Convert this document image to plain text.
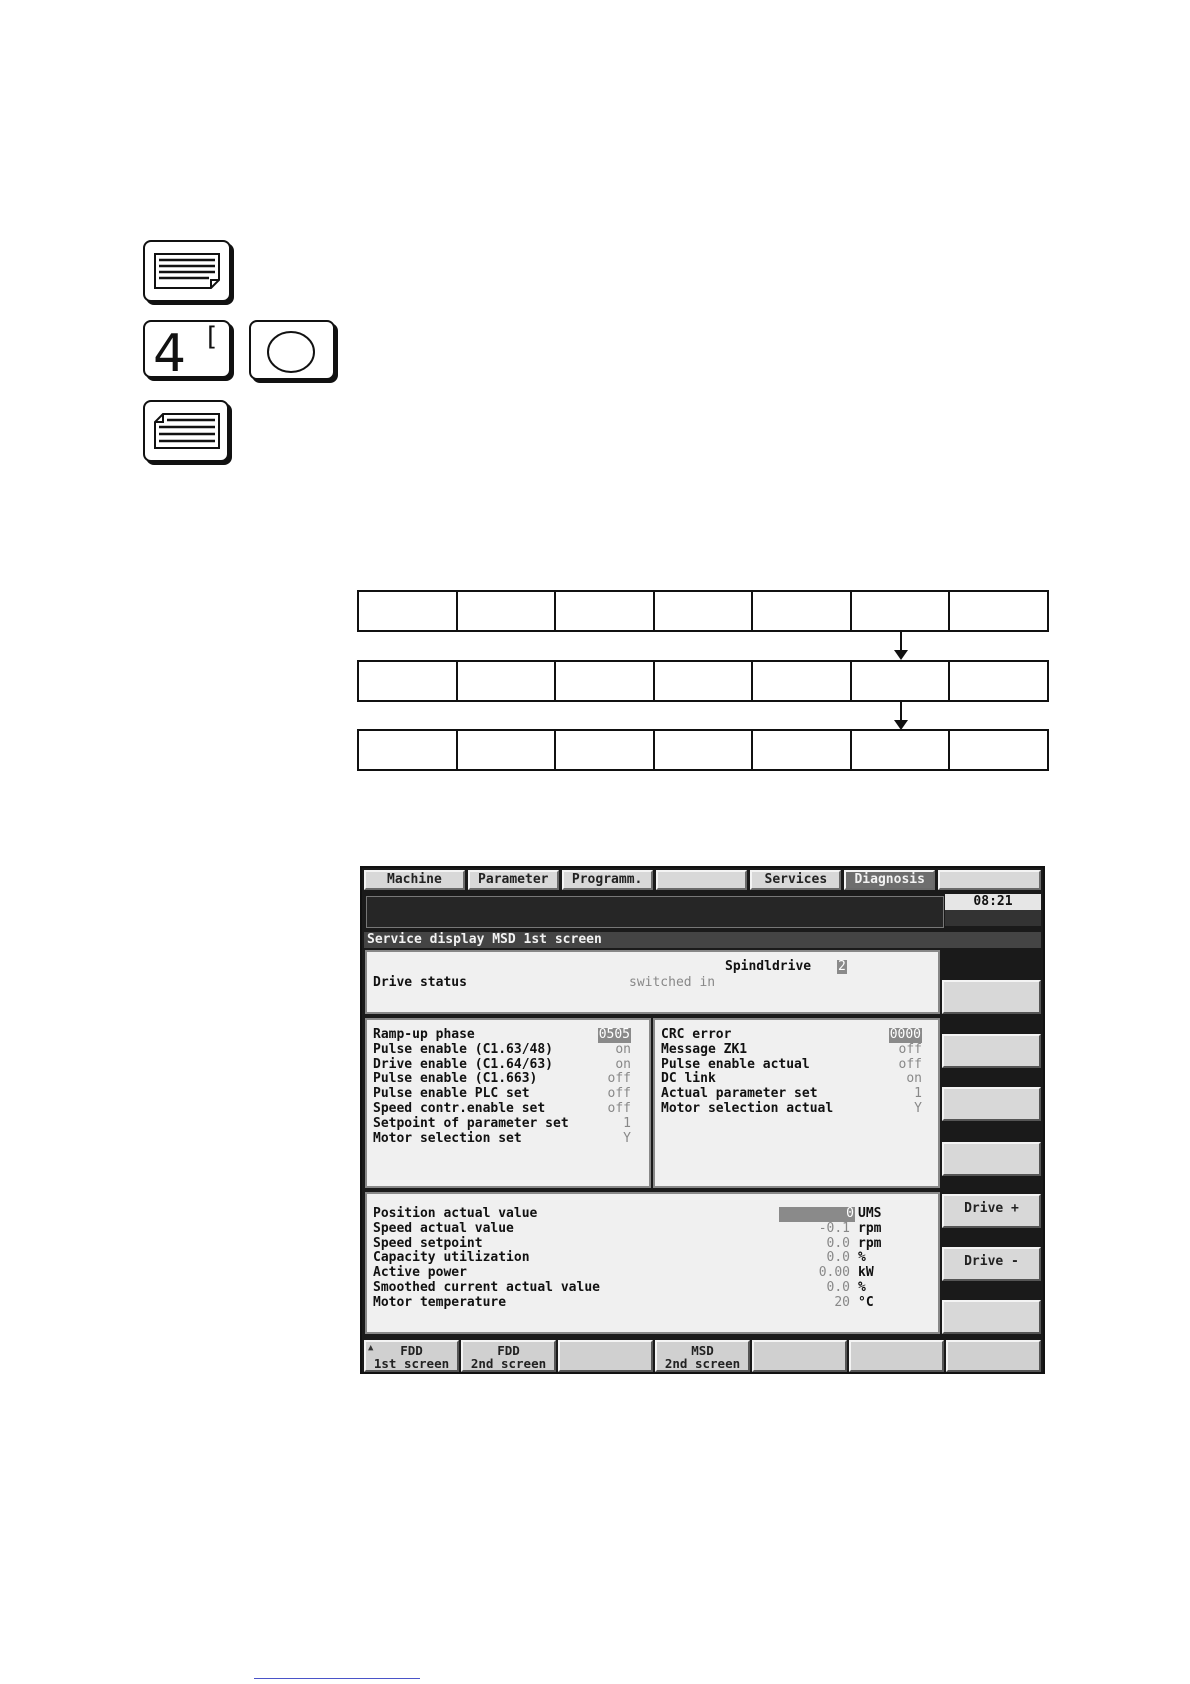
4 [
Machine	Parameter	Programm.	Services	Diagnosis
08:21
Service display MSD 1st screen
Spindldrive 2
Drive status	switched in
Ramp-up phase	0505
Pulse enable (C1.63/48)	on
Drive enable (C1.64/63)	on
Pulse enable (C1.663)	off
Pulse enable PLC set	off
Speed contr.enable set	off
Setpoint of parameter set	1
Motor selection set	Y
CRC error	0000
Message ZK1	off
Pulse enable actual	off
DC link	on
Actual parameter set	1
Motor selection actual	Y
Position actual value	0 UMS
Speed actual value	-0.1 rpm
Speed setpoint	0.0 rpm
Capacity utilization	0.0 %
Active power	0.00 kW
Smoothed current actual value	0.0 %
Motor temperature	20 °C
Drive +
Drive -
▲	FDD
1st screen
FDD
2nd screen
MSD
2nd screen
